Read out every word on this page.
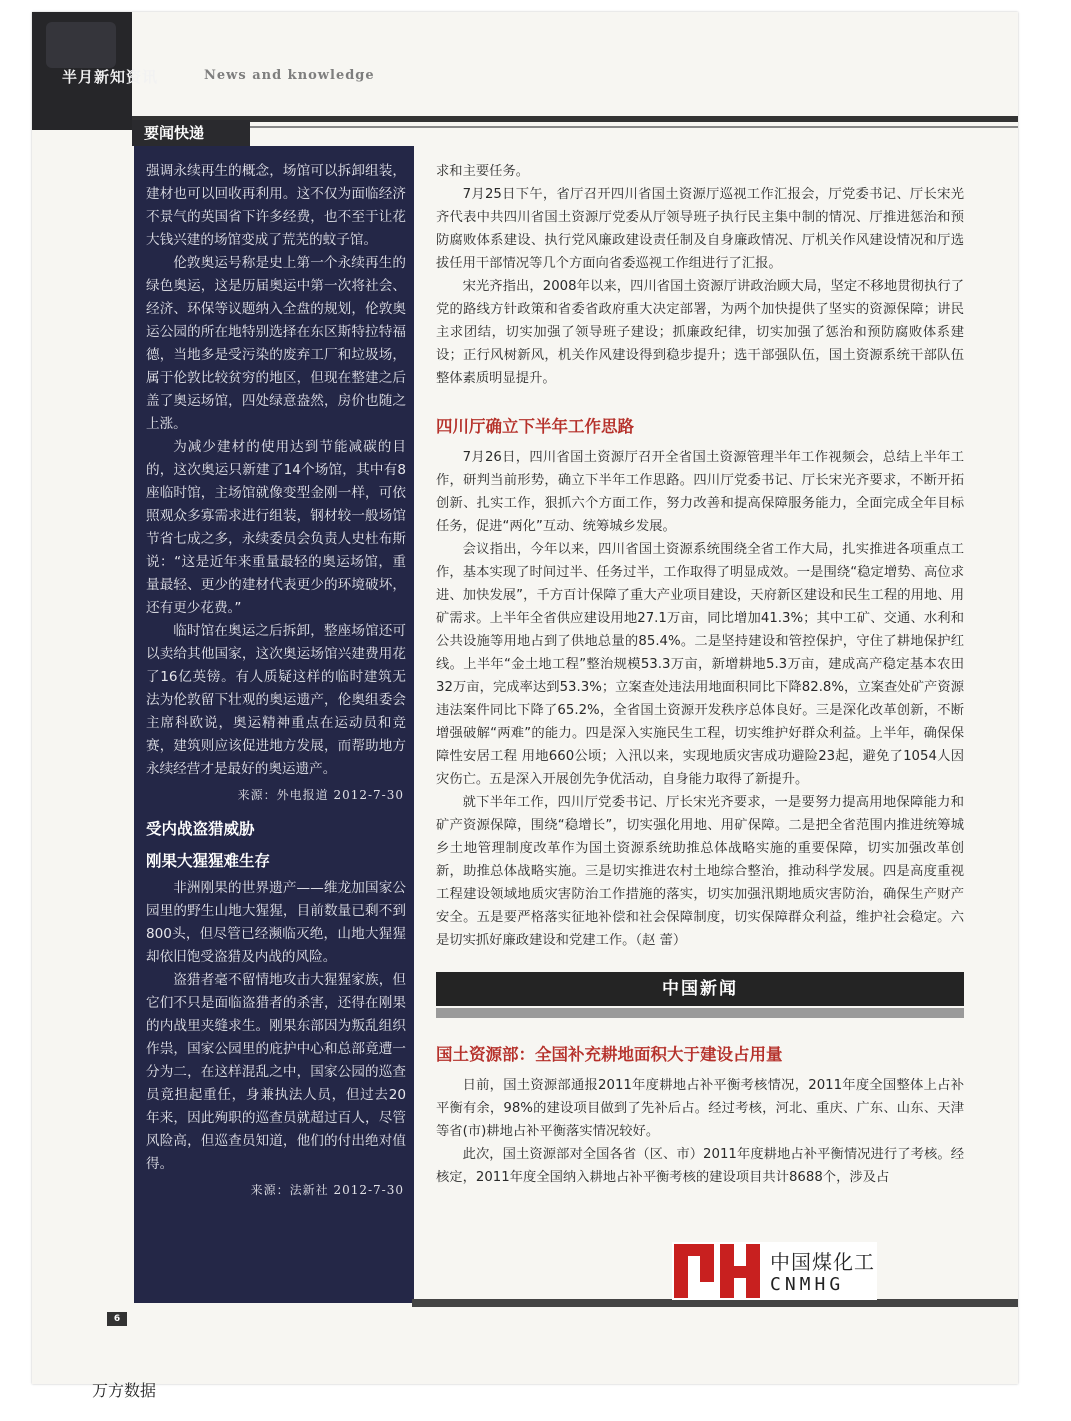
半月新知资讯	News and knowledge
要闻快递

强调永续再生的概念，场馆可以拆卸组装，建材也可以回收再利用。这不仅为面临经济不景气的英国省下许多经费，也不至于让花大钱兴建的场馆变成了荒芜的蚊子馆。

伦敦奥运号称是史上第一个永续再生的绿色奥运，这是历届奥运中第一次将社会、经济、环保等议题纳入全盘的规划，伦敦奥运公园的所在地特别选择在东区斯特拉特福德，当地多是受污染的废弃工厂和垃圾场，属于伦敦比较贫穷的地区，但现在整建之后盖了奥运场馆，四处绿意盎然，房价也随之上涨。

为减少建材的使用达到节能减碳的目的，这次奥运只新建了14个场馆，其中有8座临时馆，主场馆就像变型金刚一样，可依照观众多寡需求进行组装，钢材较一般场馆节省七成之多，永续委员会负责人史杜布斯说：“这是近年来重量最轻的奥运场馆，重量最轻、更少的建材代表更少的环境破坏，还有更少花费。”

临时馆在奥运之后拆卸，整座场馆还可以卖给其他国家，这次奥运场馆兴建费用花了16亿英镑。有人质疑这样的临时建筑无法为伦敦留下壮观的奥运遗产，伦奥组委会主席科欧说，奥运精神重点在运动员和竞赛，建筑则应该促进地方发展，而帮助地方永续经营才是最好的奥运遗产。

来源：外电报道 2012-7-30
受内战盗猎威胁
刚果大猩猩难生存

非洲刚果的世界遗产——维龙加国家公园里的野生山地大猩猩，目前数量已剩不到800头，但尽管已经濒临灭绝，山地大猩猩却依旧饱受盗猎及内战的风险。

盗猎者毫不留情地攻击大猩猩家族，但它们不只是面临盗猎者的杀害，还得在刚果的内战里夹缝求生。刚果东部因为叛乱组织作祟，国家公园里的庇护中心和总部竟遭一分为二，在这样混乱之中，国家公园的巡查员竟担起重任，身兼执法人员，但过去20年来，因此殉职的巡查员就超过百人，尽管风险高，但巡查员知道，他们的付出绝对值得。

来源：法新社 2012-7-30

求和主要任务。

7月25日下午，省厅召开四川省国土资源厅巡视工作汇报会，厅党委书记、厅长宋光齐代表中共四川省国土资源厅党委从厅领导班子执行民主集中制的情况、厅推进惩治和预防腐败体系建设、执行党风廉政建设责任制及自身廉政情况、厅机关作风建设情况和厅选拔任用干部情况等几个方面向省委巡视工作组进行了汇报。

宋光齐指出，2008年以来，四川省国土资源厅讲政治顾大局，坚定不移地贯彻执行了党的路线方针政策和省委省政府重大决定部署，为两个加快提供了坚实的资源保障；讲民主求团结，切实加强了领导班子建设；抓廉政纪律，切实加强了惩治和预防腐败体系建设；正行风树新风，机关作风建设得到稳步提升；选干部强队伍，国土资源系统干部队伍整体素质明显提升。

四川厅确立下半年工作思路

7月26日，四川省国土资源厅召开全省国土资源管理半年工作视频会，总结上半年工作，研判当前形势，确立下半年工作思路。四川厅党委书记、厅长宋光齐要求，不断开拓创新、扎实工作，狠抓六个方面工作，努力改善和提高保障服务能力，全面完成全年目标任务，促进“两化”互动、统筹城乡发展。

会议指出，今年以来，四川省国土资源系统围绕全省工作大局，扎实推进各项重点工作，基本实现了时间过半、任务过半，工作取得了明显成效。一是围绕“稳定增势、高位求进、加快发展”，千方百计保障了重大产业项目建设，天府新区建设和民生工程的用地、用矿需求。上半年全省供应建设用地27.1万亩，同比增加41.3%；其中工矿、交通、水利和公共设施等用地占到了供地总量的85.4%。二是坚持建设和管控保护，守住了耕地保护红线。上半年“金土地工程”整治规模53.3万亩，新增耕地5.3万亩，建成高产稳定基本农田32万亩，完成率达到53.3%；立案查处违法用地面积同比下降82.8%，立案查处矿产资源违法案件同比下降了65.2%，全省国土资源开发秩序总体良好。三是深化改革创新，不断增强破解“两难”的能力。四是深入实施民生工程，切实维护好群众利益。上半年，确保保障性安居工程 用地660公顷；入汛以来，实现地质灾害成功避险23起，避免了1054人因灾伤亡。五是深入开展创先争优活动，自身能力取得了新提升。

就下半年工作，四川厅党委书记、厅长宋光齐要求，一是要努力提高用地保障能力和矿产资源保障，围绕“稳增长”，切实强化用地、用矿保障。二是把全省范围内推进统筹城乡土地管理制度改革作为国土资源系统助推总体战略实施的重要保障，切实加强改革创新，助推总体战略实施。三是切实推进农村土地综合整治，推动科学发展。四是高度重视工程建设领域地质灾害防治工作措施的落实，切实加强汛期地质灾害防治，确保生产财产安全。五是要严格落实征地补偿和社会保障制度，切实保障群众利益，维护社会稳定。六是切实抓好廉政建设和党建工作。（赵 蕾）

中国新闻
国土资源部：全国补充耕地面积大于建设占用量

日前，国土资源部通报2011年度耕地占补平衡考核情况，2011年度全国整体上占补平衡有余，98%的建设项目做到了先补后占。经过考核，河北、重庆、广东、山东、天津等省(市)耕地占补平衡落实情况较好。

此次，国土资源部对全国各省（区、市）2011年度耕地占补平衡情况进行了考核。经核定，2011年度全国纳入耕地占补平衡考核的建设项目共计8688个，涉及占

6
中国煤化工
CNMHG
万方数据
